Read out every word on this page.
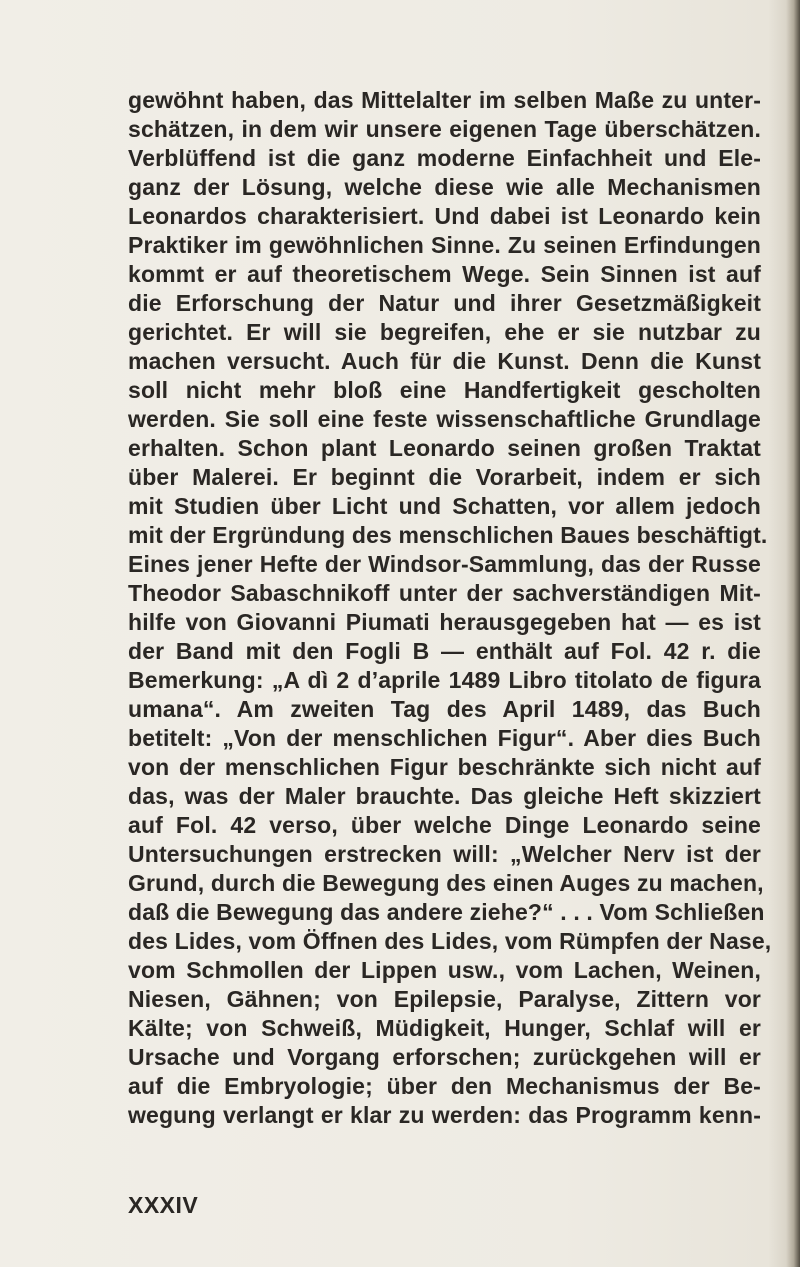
gewöhnt haben, das Mittelalter im selben Maße zu unter-
schätzen, in dem wir unsere eigenen Tage überschätzen.
Verblüffend ist die ganz moderne Einfachheit und Ele-
ganz der Lösung, welche diese wie alle Mechanismen
Leonardos charakterisiert. Und dabei ist Leonardo kein
Praktiker im gewöhnlichen Sinne. Zu seinen Erfindungen
kommt er auf theoretischem Wege. Sein Sinnen ist auf
die Erforschung der Natur und ihrer Gesetzmäßigkeit
gerichtet. Er will sie begreifen, ehe er sie nutzbar zu
machen versucht. Auch für die Kunst. Denn die Kunst
soll nicht mehr bloß eine Handfertigkeit gescholten
werden. Sie soll eine feste wissenschaftliche Grundlage
erhalten. Schon plant Leonardo seinen großen Traktat
über Malerei. Er beginnt die Vorarbeit, indem er sich
mit Studien über Licht und Schatten, vor allem jedoch
mit der Ergründung des menschlichen Baues beschäftigt.
Eines jener Hefte der Windsor-Sammlung, das der Russe
Theodor Sabaschnikoff unter der sachverständigen Mit-
hilfe von Giovanni Piumati herausgegeben hat — es ist
der Band mit den Fogli B — enthält auf Fol. 42 r. die
Bemerkung: „A dì 2 d’aprile 1489 Libro titolato de figura
umana“. Am zweiten Tag des April 1489, das Buch
betitelt: „Von der menschlichen Figur“. Aber dies Buch
von der menschlichen Figur beschränkte sich nicht auf
das, was der Maler brauchte. Das gleiche Heft skizziert
auf Fol. 42 verso, über welche Dinge Leonardo seine
Untersuchungen erstrecken will: „Welcher Nerv ist der
Grund, durch die Bewegung des einen Auges zu machen,
daß die Bewegung das andere ziehe?“ . . . Vom Schließen
des Lides, vom Öffnen des Lides, vom Rümpfen der Nase,
vom Schmollen der Lippen usw., vom Lachen, Weinen,
Niesen, Gähnen; von Epilepsie, Paralyse, Zittern vor
Kälte; von Schweiß, Müdigkeit, Hunger, Schlaf will er
Ursache und Vorgang erforschen; zurückgehen will er
auf die Embryologie; über den Mechanismus der Be-
wegung verlangt er klar zu werden: das Programm kenn-
XXXIV
